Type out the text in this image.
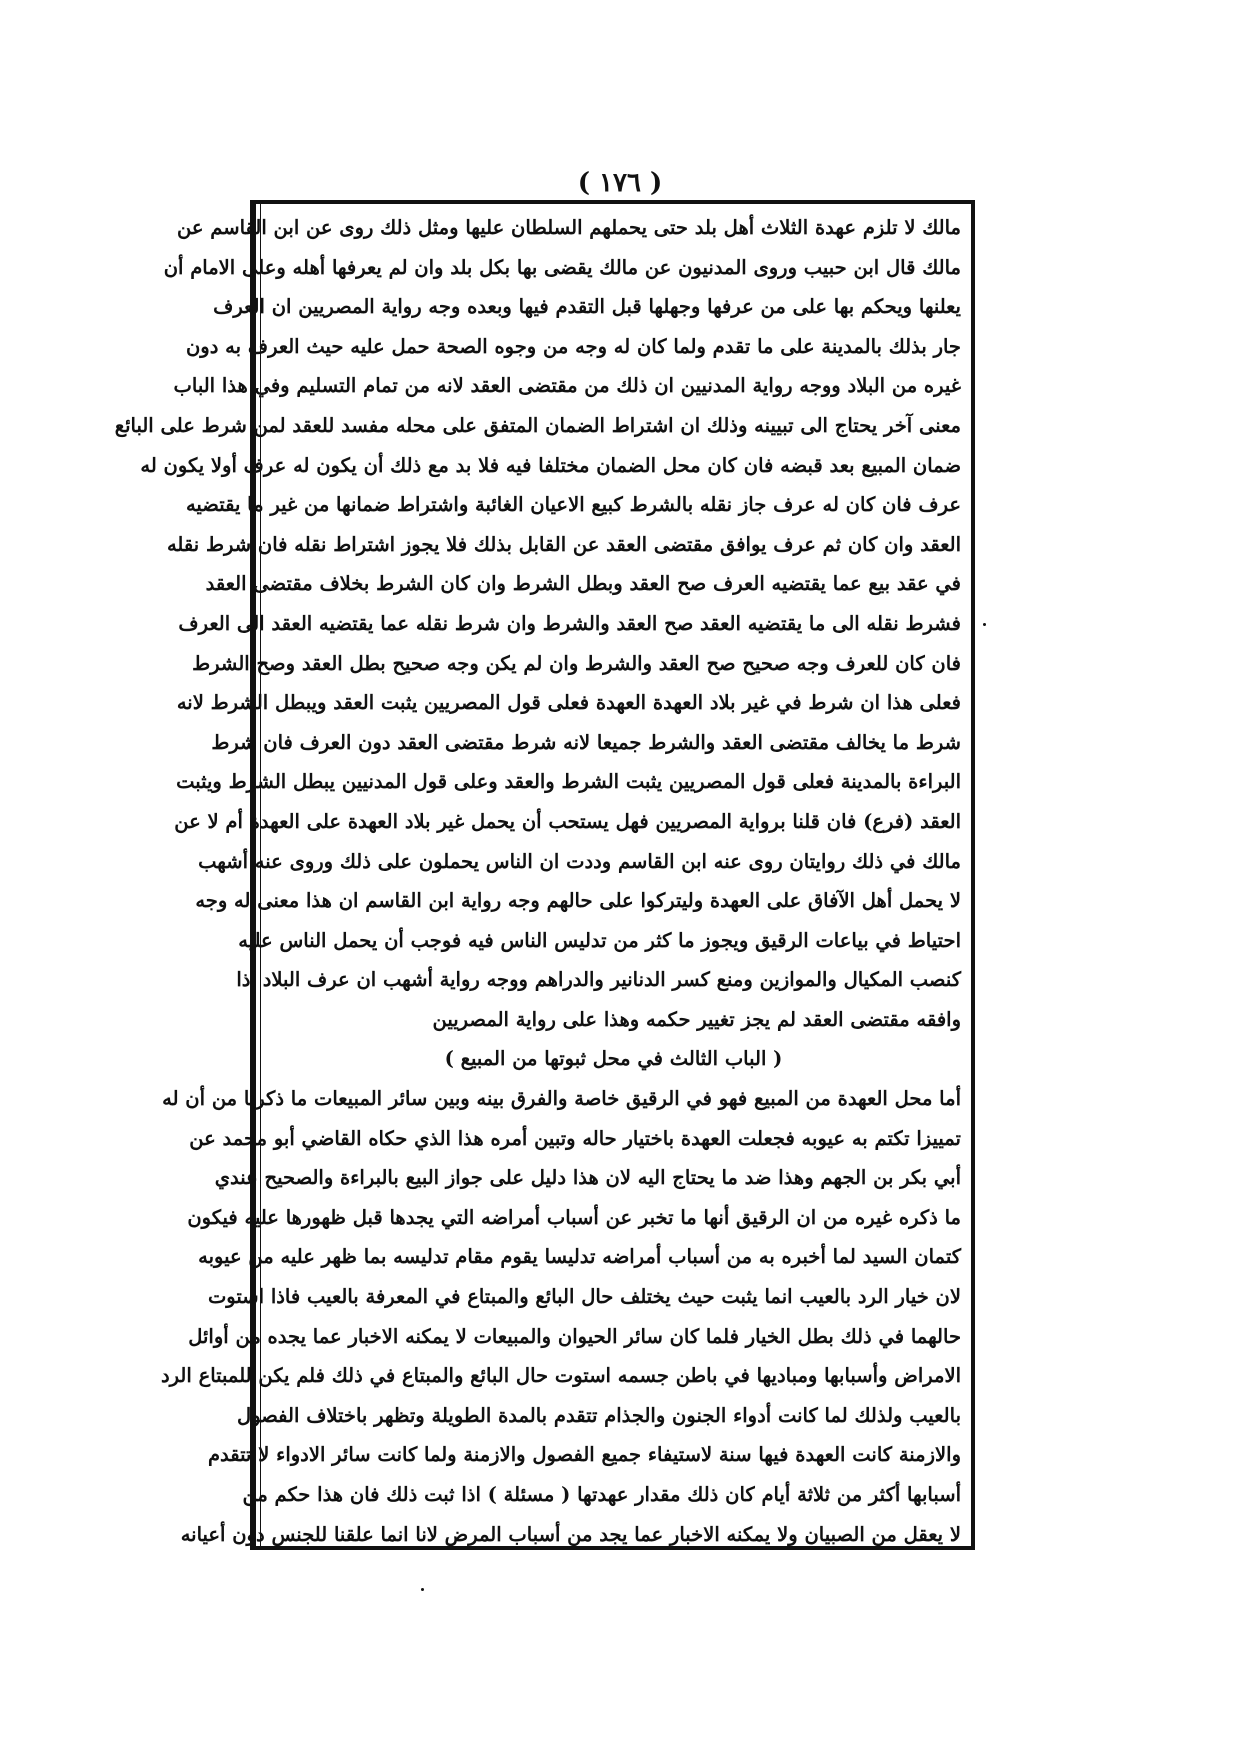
( ١٧٦ )
مالك لا تلزم عهدة الثلاث أهل بلد حتى يحملهم السلطان عليها ومثل ذلك روى عن ابن القاسم عن
مالك قال ابن حبيب وروى المدنيون عن مالك يقضى بها بكل بلد وان لم يعرفها أهله وعلى الامام أن
يعلنها ويحكم بها على من عرفها وجهلها قبل التقدم فيها وبعده وجه رواية المصريين ان العرف
جار بذلك بالمدينة على ما تقدم ولما كان له وجه من وجوه الصحة حمل عليه حيث العرف به دون
غيره من البلاد ووجه رواية المدنيين ان ذلك من مقتضى العقد لانه من تمام التسليم وفي هذا الباب
معنى آخر يحتاج الى تبيينه وذلك ان اشتراط الضمان المتفق على محله مفسد للعقد لمن شرط على البائع
ضمان المبيع بعد قبضه فان كان محل الضمان مختلفا فيه فلا بد مع ذلك أن يكون له عرف أولا يكون له
عرف فان كان له عرف جاز نقله بالشرط كبيع الاعيان الغائبة واشتراط ضمانها من غير ما يقتضيه
العقد وان كان ثم عرف يوافق مقتضى العقد عن القابل بذلك فلا يجوز اشتراط نقله فان شرط نقله
في عقد بيع عما يقتضيه العرف صح العقد وبطل الشرط وان كان الشرط بخلاف مقتضى العقد
فشرط نقله الى ما يقتضيه العقد صح العقد والشرط وان شرط نقله عما يقتضيه العقد الى العرف
فان كان للعرف وجه صحيح صح العقد والشرط وان لم يكن وجه صحيح بطل العقد وصح الشرط
فعلى هذا ان شرط في غير بلاد العهدة العهدة فعلى قول المصريين يثبت العقد ويبطل الشرط لانه
شرط ما يخالف مقتضى العقد والشرط جميعا لانه شرط مقتضى العقد دون العرف فان شرط
البراءة بالمدينة فعلى قول المصريين يثبت الشرط والعقد وعلى قول المدنيين يبطل الشرط ويثبت
العقد (فرع) فان قلنا برواية المصريين فهل يستحب أن يحمل غير بلاد العهدة على العهدة أم لا عن
مالك في ذلك روايتان روى عنه ابن القاسم وددت ان الناس يحملون على ذلك وروى عنه أشهب
لا يحمل أهل الآفاق على العهدة وليتركوا على حالهم وجه رواية ابن القاسم ان هذا معنى له وجه
احتياط في بياعات الرقيق ويجوز ما كثر من تدليس الناس فيه فوجب أن يحمل الناس عليه
كنصب المكيال والموازين ومنع كسر الدنانير والدراهم ووجه رواية أشهب ان عرف البلاد اذا
وافقه مقتضى العقد لم يجز تغيير حكمه وهذا على رواية المصريين
( الباب الثالث في محل ثبوتها من المبيع )
أما محل العهدة من المبيع فهو في الرقيق خاصة والفرق بينه وبين سائر المبيعات ما ذكرنا من أن له
تمييزا تكتم به عيوبه فجعلت العهدة باختيار حاله وتبين أمره هذا الذي حكاه القاضي أبو محمد عن
أبي بكر بن الجهم وهذا ضد ما يحتاج اليه لان هذا دليل على جواز البيع بالبراءة والصحيح عندي
ما ذكره غيره من ان الرقيق أنها ما تخبر عن أسباب أمراضه التي يجدها قبل ظهورها عليه فيكون
كتمان السيد لما أخبره به من أسباب أمراضه تدليسا يقوم مقام تدليسه بما ظهر عليه من عيوبه
لان خيار الرد بالعيب انما يثبت حيث يختلف حال البائع والمبتاع في المعرفة بالعيب فاذا استوت
حالهما في ذلك بطل الخيار فلما كان سائر الحيوان والمبيعات لا يمكنه الاخبار عما يجده من أوائل
الامراض وأسبابها ومباديها في باطن جسمه استوت حال البائع والمبتاع في ذلك فلم يكن للمبتاع الرد
بالعيب ولذلك لما كانت أدواء الجنون والجذام تتقدم بالمدة الطويلة وتظهر باختلاف الفصول
والازمنة كانت العهدة فيها سنة لاستيفاء جميع الفصول والازمنة ولما كانت سائر الادواء لا تتقدم
أسبابها أكثر من ثلاثة أيام كان ذلك مقدار عهدتها ( مسئلة ) اذا ثبت ذلك فان هذا حكم من
لا يعقل من الصبيان ولا يمكنه الاخبار عما يجد من أسباب المرض لانا انما علقنا للجنس دون أعيانه
